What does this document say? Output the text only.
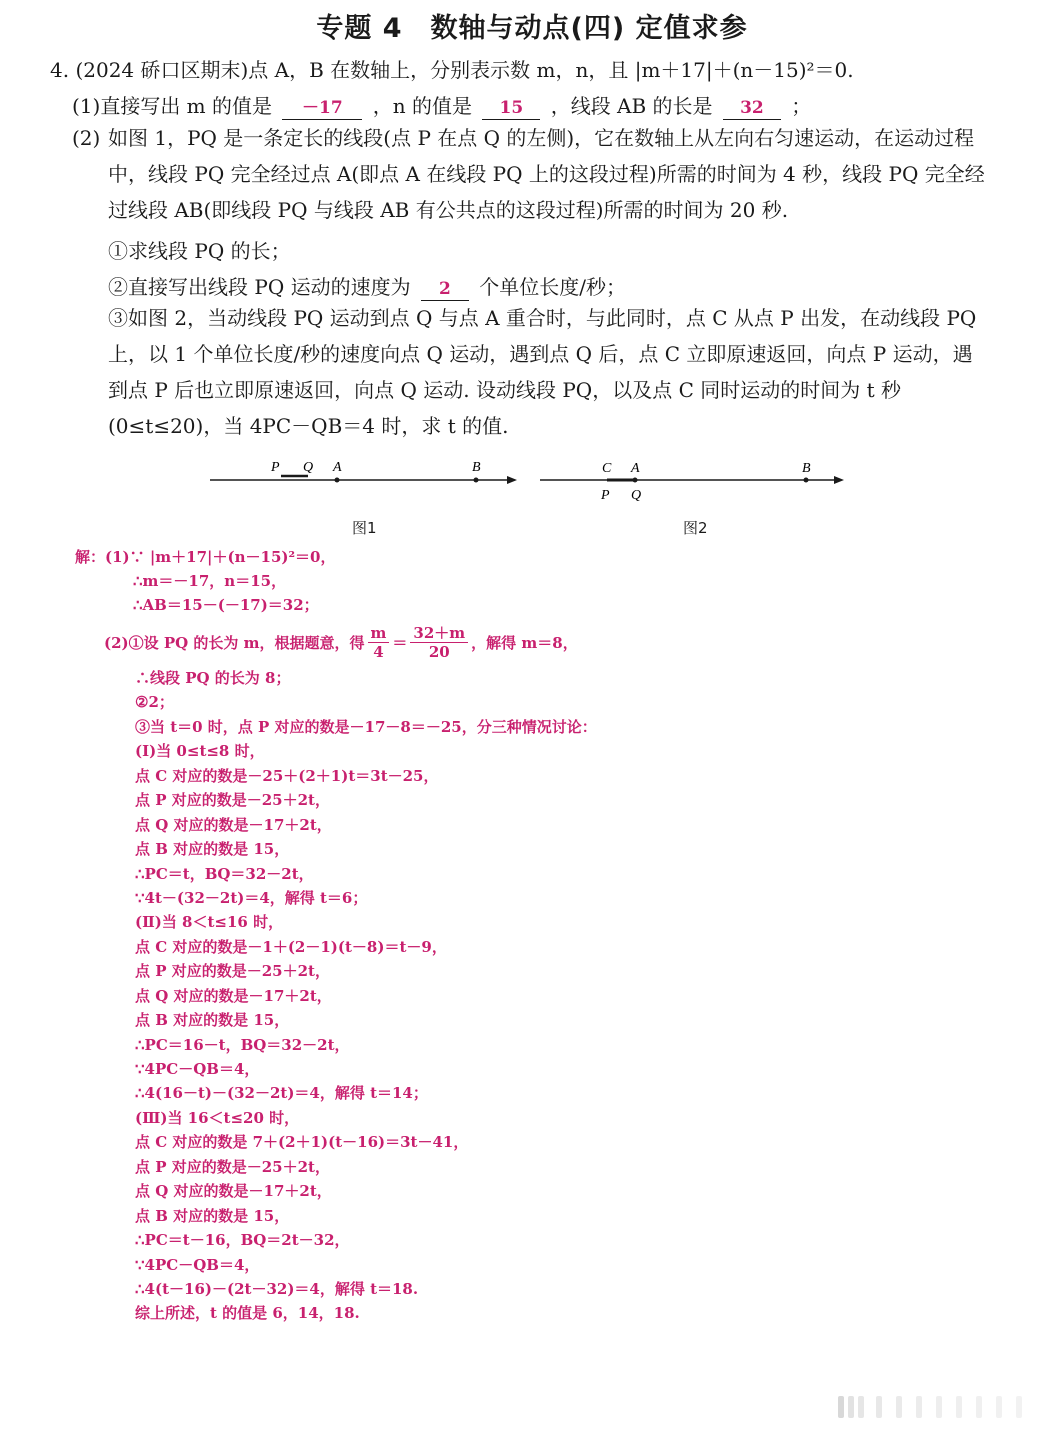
专题 4　数轴与动点(四) 定值求参
4. (2024 硚口区期末)点 A，B 在数轴上，分别表示数 m，n，且 |m＋17|＋(n－15)²＝0.
(1)直接写出 m 的值是 －17 ，n 的值是 15 ，线段 AB 的长是 32 ；
(2) 如图 1，PQ 是一条定长的线段(点 P 在点 Q 的左侧)，它在数轴上从左向右匀速运动，在运动过程中，线段 PQ 完全经过点 A(即点 A 在线段 PQ 上的这段过程)所需的时间为 4 秒，线段 PQ 完全经过线段 AB(即线段 PQ 与线段 AB 有公共点的这段过程)所需的时间为 20 秒.
①求线段 PQ 的长；
②直接写出线段 PQ 运动的速度为 2 个单位长度/秒；
③如图 2，当动线段 PQ 运动到点 Q 与点 A 重合时，与此同时，点 C 从点 P 出发，在动线段 PQ 上，以 1 个单位长度/秒的速度向点 Q 运动，遇到点 Q 后，点 C 立即原速返回，向点 P 运动，遇到点 P 后也立即原速返回，向点 Q 运动. 设动线段 PQ，以及点 C 同时运动的时间为 t 秒(0≤t≤20)，当 4PC－QB＝4 时，求 t 的值.
P Q A	B
图1
C A	B
P Q
图2
解：(1)∵ |m＋17|＋(n－15)²＝0，
∴m＝－17，n＝15，
∴AB＝15－(－17)＝32；
(2)①设 PQ 的长为 m，根据题意，得 $\frac{m}{4} = \frac{32+m}{20}$ ，解得 m＝8，
∴线段 PQ 的长为 8；
②2；
③当 t＝0 时，点 P 对应的数是－17－8＝－25，分三种情况讨论：
(Ⅰ)当 0≤t≤8 时，
点 C 对应的数是－25＋(2＋1)t＝3t－25，
点 P 对应的数是－25＋2t，
点 Q 对应的数是－17＋2t，
点 B 对应的数是 15，
∴PC＝t，BQ＝32－2t，
∵4t－(32－2t)＝4，解得 t＝6；
(Ⅱ)当 8＜t≤16 时，
点 C 对应的数是－1＋(2－1)(t－8)＝t－9，
点 P 对应的数是－25＋2t，
点 Q 对应的数是－17＋2t，
点 B 对应的数是 15，
∴PC＝16－t，BQ＝32－2t，
∵4PC－QB＝4，
∴4(16－t)－(32－2t)＝4，解得 t＝14；
(Ⅲ)当 16＜t≤20 时，
点 C 对应的数是 7＋(2＋1)(t－16)＝3t－41，
点 P 对应的数是－25＋2t，
点 Q 对应的数是－17＋2t，
点 B 对应的数是 15，
∴PC＝t－16，BQ＝2t－32，
∵4PC－QB＝4，
∴4(t－16)－(2t－32)＝4，解得 t＝18.
综上所述，t 的值是 6，14，18.
